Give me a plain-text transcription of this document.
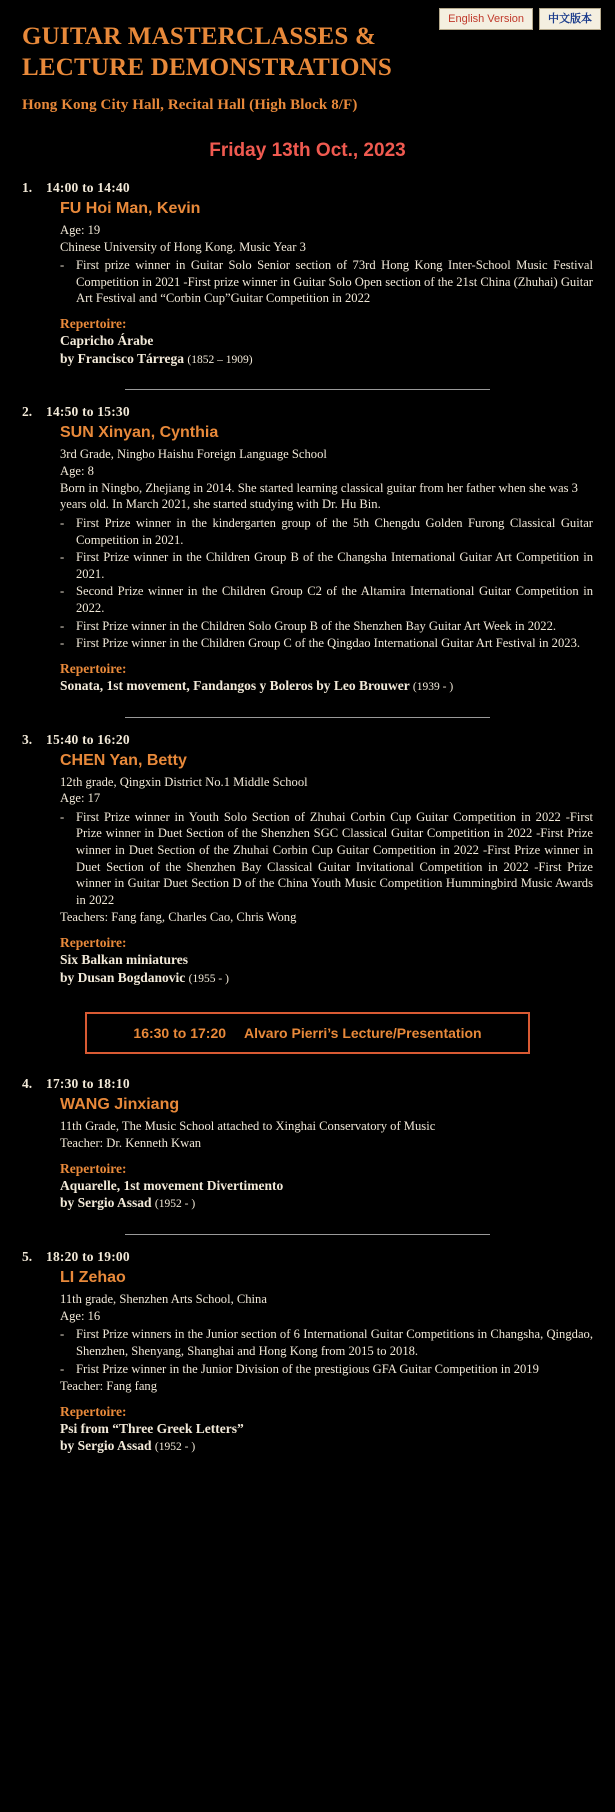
English Version	中文版本
GUITAR MASTERCLASSES & LECTURE DEMONSTRATIONS
Hong Kong City Hall, Recital Hall (High Block 8/F)
Friday 13th Oct., 2023
1. 14:00 to 14:40
FU Hoi Man, Kevin
Age: 19
Chinese University of Hong Kong. Music Year 3
- First prize winner in Guitar Solo Senior section of 73rd Hong Kong Inter-School Music Festival Competition in 2021 -First prize winner in Guitar Solo Open section of the 21st China (Zhuhai) Guitar Art Festival and “Corbin Cup”Guitar Competition in 2022
Repertoire:
Capricho Árabe
by Francisco Tárrega (1852 – 1909)
2. 14:50 to 15:30
SUN Xinyan, Cynthia
3rd Grade, Ningbo Haishu Foreign Language School
Age: 8
Born in Ningbo, Zhejiang in 2014. She started learning classical guitar from her father when she was 3 years old. In March 2021, she started studying with Dr. Hu Bin.
- First Prize winner in the kindergarten group of the 5th Chengdu Golden Furong Classical Guitar Competition in 2021.
- First Prize winner in the Children Group B of the Changsha International Guitar Art Competition in 2021.
- Second Prize winner in the Children Group C2 of the Altamira International Guitar Competition in 2022.
- First Prize winner in the Children Solo Group B of the Shenzhen Bay Guitar Art Week in 2022.
- First Prize winner in the Children Group C of the Qingdao International Guitar Art Festival in 2023.
Repertoire:
Sonata, 1st movement, Fandangos y Boleros by Leo Brouwer (1939 - )
3. 15:40 to 16:20
CHEN Yan, Betty
12th grade, Qingxin District No.1 Middle School
Age: 17
- First Prize winner in Youth Solo Section of Zhuhai Corbin Cup Guitar Competition in 2022 -First Prize winner in Duet Section of the Shenzhen SGC Classical Guitar Competition in 2022 -First Prize winner in Duet Section of the Zhuhai Corbin Cup Guitar Competition in 2022 -First Prize winner in Duet Section of the Shenzhen Bay Classical Guitar Invitational Competition in 2022 -First Prize winner in Guitar Duet Section D of the China Youth Music Competition Hummingbird Music Awards in 2022
Teachers: Fang fang, Charles Cao, Chris Wong
Repertoire:
Six Balkan miniatures
by Dusan Bogdanovic (1955 - )
16:30 to 17:20 Alvaro Pierri’s Lecture/Presentation
4. 17:30 to 18:10
WANG Jinxiang
11th Grade, The Music School attached to Xinghai Conservatory of Music
Teacher: Dr. Kenneth Kwan
Repertoire:
Aquarelle, 1st movement Divertimento
by Sergio Assad (1952 - )
5. 18:20 to 19:00
LI Zehao
11th grade, Shenzhen Arts School, China
Age: 16
- First Prize winners in the Junior section of 6 International Guitar Competitions in Changsha, Qingdao, Shenzhen, Shenyang, Shanghai and Hong Kong from 2015 to 2018.
- Frist Prize winner in the Junior Division of the prestigious GFA Guitar Competition in 2019
Teacher: Fang fang
Repertoire:
Psi from “Three Greek Letters”
by Sergio Assad (1952 - )
